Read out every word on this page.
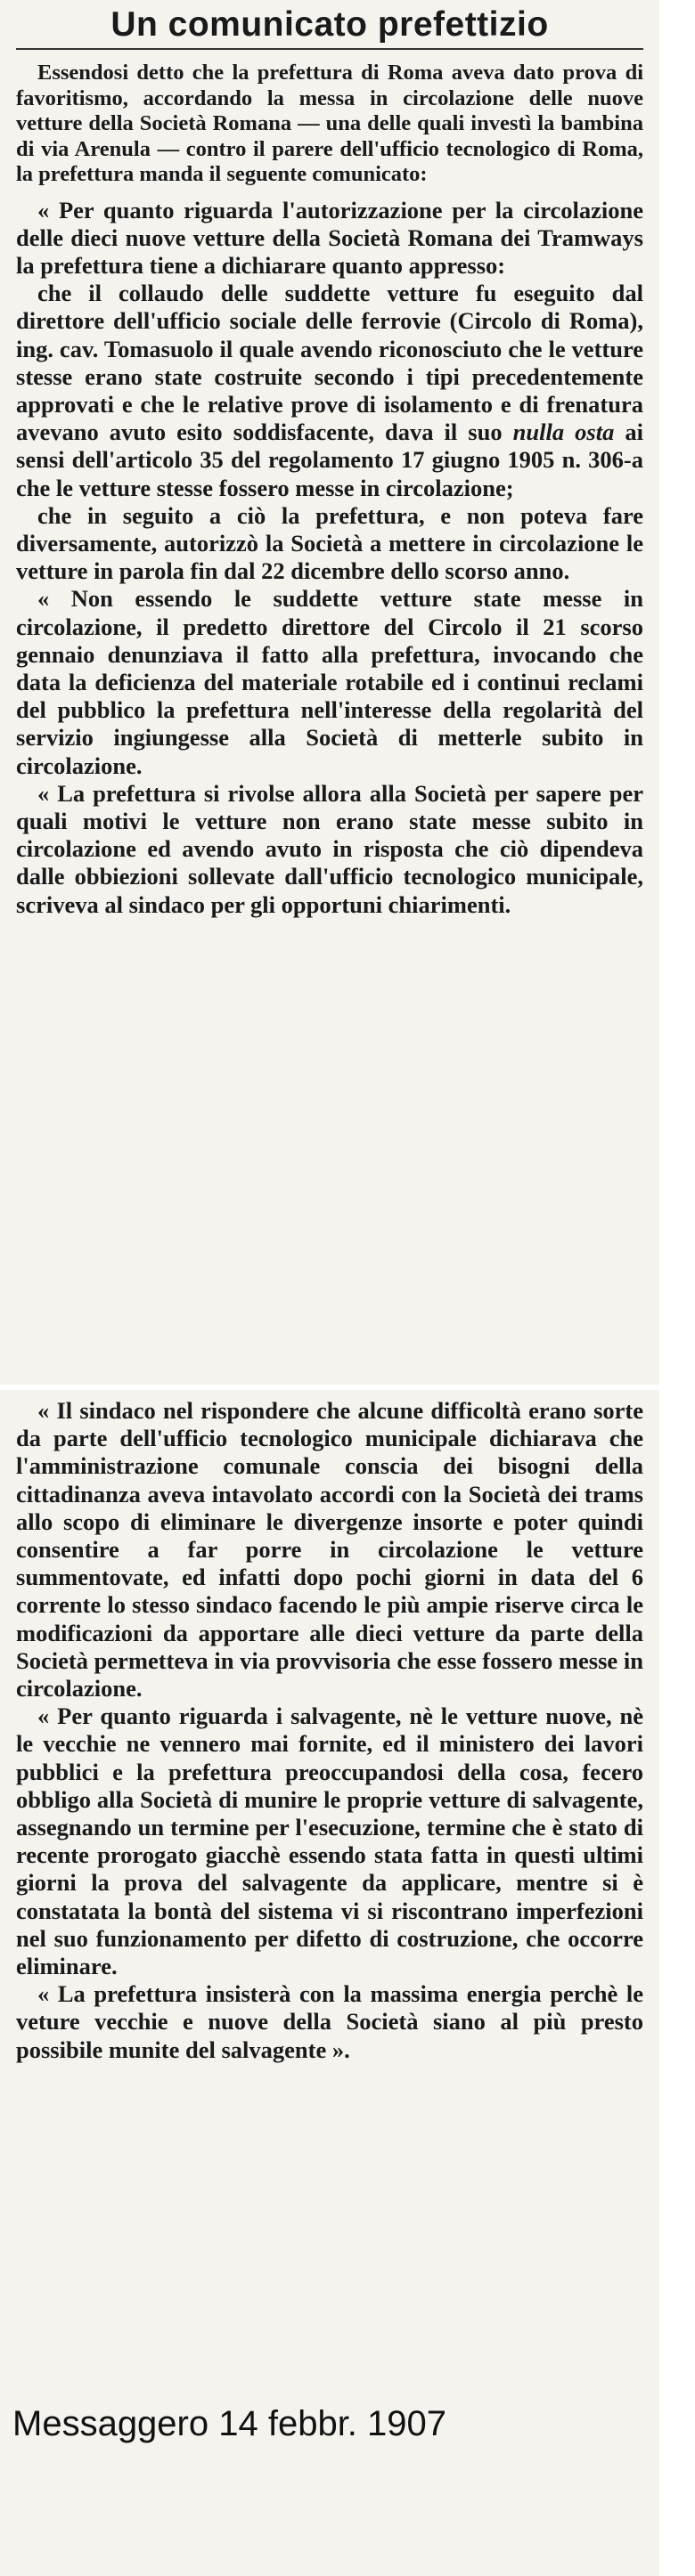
Un comunicato prefettizio

Essendosi detto che la prefettura di Roma aveva dato prova di favoritismo, accordando la messa in circolazione delle nuove vetture della Società Romana — una delle quali investì la bambina di via Arenula — contro il parere dell'ufficio tecnologico di Roma, la prefettura manda il seguente comunicato:

« Per quanto riguarda l'autorizzazione per la circolazione delle dieci nuove vetture della Società Romana dei Tramways la prefettura tiene a dichiarare quanto appresso:

che il collaudo delle suddette vetture fu eseguito dal direttore dell'ufficio sociale delle ferrovie (Circolo di Roma), ing. cav. Tomasuolo il quale avendo riconosciuto che le vetture stesse erano state costruite secondo i tipi precedentemente approvati e che le relative prove di isolamento e di frenatura avevano avuto esito soddisfacente, dava il suo nulla osta ai sensi dell'articolo 35 del regolamento 17 giugno 1905 n. 306-a che le vetture stesse fossero messe in circolazione;

che in seguito a ciò la prefettura, e non poteva fare diversamente, autorizzò la Società a mettere in circolazione le vetture in parola fin dal 22 dicembre dello scorso anno.

« Non essendo le suddette vetture state messe in circolazione, il predetto direttore del Circolo il 21 scorso gennaio denunziava il fatto alla prefettura, invocando che data la deficienza del materiale rotabile ed i continui reclami del pubblico la prefettura nell'interesse della regolarità del servizio ingiungesse alla Società di metterle subito in circolazione.

« La prefettura si rivolse allora alla Società per sapere per quali motivi le vetture non erano state messe subito in circolazione ed avendo avuto in risposta che ciò dipendeva dalle obbiezioni sollevate dall'ufficio tecnologico municipale, scriveva al sindaco per gli opportuni chiarimenti.

« Il sindaco nel rispondere che alcune difficoltà erano sorte da parte dell'ufficio tecnologico municipale dichiarava che l'amministrazione comunale conscia dei bisogni della cittadinanza aveva intavolato accordi con la Società dei trams allo scopo di eliminare le divergenze insorte e poter quindi consentire a far porre in circolazione le vetture summentovate, ed infatti dopo pochi giorni in data del 6 corrente lo stesso sindaco facendo le più ampie riserve circa le modificazioni da apportare alle dieci vetture da parte della Società permetteva in via provvisoria che esse fossero messe in circolazione.

« Per quanto riguarda i salvagente, nè le vetture nuove, nè le vecchie ne vennero mai fornite, ed il ministero dei lavori pubblici e la prefettura preoccupandosi della cosa, fecero obbligo alla Società di munire le proprie vetture di salvagente, assegnando un termine per l'esecuzione, termine che è stato di recente prorogato giacchè essendo stata fatta in questi ultimi giorni la prova del salvagente da applicare, mentre si è constatata la bontà del sistema vi si riscontrano imperfezioni nel suo funzionamento per difetto di costruzione, che occorre eliminare.

« La prefettura insisterà con la massima energia perchè le veture vecchie e nuove della Società siano al più presto possibile munite del salvagente ».

Messaggero 14 febbr. 1907
